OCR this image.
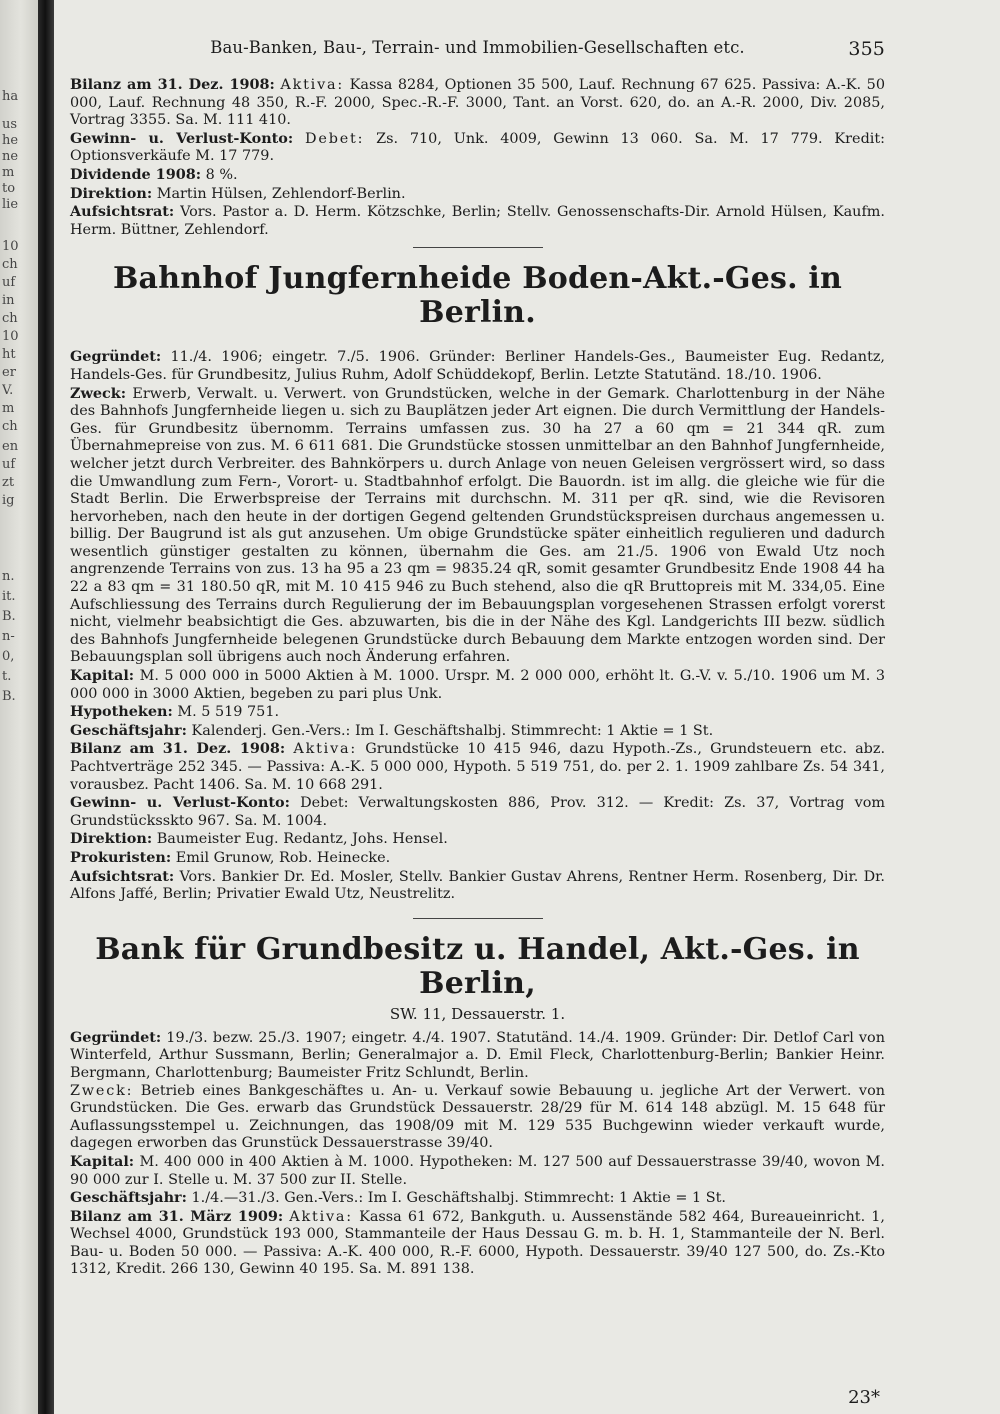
ha
us
he
ne
m
to
lie
10
ch
uf
in
ch
10
ht
er
V.
m
ch
en
uf
zt
ig
n.
it.
B.
n-
0,
t.
B.
Bau-Banken, Bau-, Terrain- und Immobilien-Gesellschaften etc.	355

Bilanz am 31. Dez. 1908: Aktiva: Kassa 8284, Optionen 35 500, Lauf. Rechnung 67 625. Passiva: A.-K. 50 000, Lauf. Rechnung 48 350, R.-F. 2000, Spec.-R.-F. 3000, Tant. an Vorst. 620, do. an A.-R. 2000, Div. 2085, Vortrag 3355. Sa. M. 111 410.

Gewinn- u. Verlust-Konto: Debet: Zs. 710, Unk. 4009, Gewinn 13 060. Sa. M. 17 779. Kredit: Optionsverkäufe M. 17 779.

Dividende 1908: 8 %.

Direktion: Martin Hülsen, Zehlendorf-Berlin.

Aufsichtsrat: Vors. Pastor a. D. Herm. Kötzschke, Berlin; Stellv. Genossenschafts-Dir. Arnold Hülsen, Kaufm. Herm. Büttner, Zehlendorf.

Bahnhof Jungfernheide Boden-Akt.-Ges. in Berlin.

Gegründet: 11./4. 1906; eingetr. 7./5. 1906. Gründer: Berliner Handels-Ges., Baumeister Eug. Redantz, Handels-Ges. für Grundbesitz, Julius Ruhm, Adolf Schüddekopf, Berlin. Letzte Statutänd. 18./10. 1906.

Zweck: Erwerb, Verwalt. u. Verwert. von Grundstücken, welche in der Gemark. Charlottenburg in der Nähe des Bahnhofs Jungfernheide liegen u. sich zu Bauplätzen jeder Art eignen. Die durch Vermittlung der Handels-Ges. für Grundbesitz übernomm. Terrains umfassen zus. 30 ha 27 a 60 qm = 21 344 qR. zum Übernahmepreise von zus. M. 6 611 681. Die Grundstücke stossen unmittelbar an den Bahnhof Jungfernheide, welcher jetzt durch Verbreiter. des Bahnkörpers u. durch Anlage von neuen Geleisen vergrössert wird, so dass die Umwandlung zum Fern-, Vorort- u. Stadtbahnhof erfolgt. Die Bauordn. ist im allg. die gleiche wie für die Stadt Berlin. Die Erwerbspreise der Terrains mit durchschn. M. 311 per qR. sind, wie die Revisoren hervorheben, nach den heute in der dortigen Gegend geltenden Grundstückspreisen durchaus angemessen u. billig. Der Baugrund ist als gut anzusehen. Um obige Grundstücke später einheitlich regulieren und dadurch wesentlich günstiger gestalten zu können, übernahm die Ges. am 21./5. 1906 von Ewald Utz noch angrenzende Terrains von zus. 13 ha 95 a 23 qm = 9835.24 qR, somit gesamter Grundbesitz Ende 1908 44 ha 22 a 83 qm = 31 180.50 qR, mit M. 10 415 946 zu Buch stehend, also die qR Bruttopreis mit M. 334,05. Eine Aufschliessung des Terrains durch Regulierung der im Bebauungsplan vorgesehenen Strassen erfolgt vorerst nicht, vielmehr beabsichtigt die Ges. abzuwarten, bis die in der Nähe des Kgl. Landgerichts III bezw. südlich des Bahnhofs Jungfernheide belegenen Grundstücke durch Bebauung dem Markte entzogen worden sind. Der Bebauungsplan soll übrigens auch noch Änderung erfahren.

Kapital: M. 5 000 000 in 5000 Aktien à M. 1000. Urspr. M. 2 000 000, erhöht lt. G.-V. v. 5./10. 1906 um M. 3 000 000 in 3000 Aktien, begeben zu pari plus Unk.

Hypotheken: M. 5 519 751.

Geschäftsjahr: Kalenderj. Gen.-Vers.: Im I. Geschäftshalbj. Stimmrecht: 1 Aktie = 1 St.

Bilanz am 31. Dez. 1908: Aktiva: Grundstücke 10 415 946, dazu Hypoth.-Zs., Grundsteuern etc. abz. Pachtverträge 252 345. — Passiva: A.-K. 5 000 000, Hypoth. 5 519 751, do. per 2. 1. 1909 zahlbare Zs. 54 341, vorausbez. Pacht 1406. Sa. M. 10 668 291.

Gewinn- u. Verlust-Konto: Debet: Verwaltungskosten 886, Prov. 312. — Kredit: Zs. 37, Vortrag vom Grundstücksskto 967. Sa. M. 1004.

Direktion: Baumeister Eug. Redantz, Johs. Hensel.

Prokuristen: Emil Grunow, Rob. Heinecke.

Aufsichtsrat: Vors. Bankier Dr. Ed. Mosler, Stellv. Bankier Gustav Ahrens, Rentner Herm. Rosenberg, Dir. Dr. Alfons Jaffé, Berlin; Privatier Ewald Utz, Neustrelitz.

Bank für Grundbesitz u. Handel, Akt.-Ges. in Berlin,
SW. 11, Dessauerstr. 1.

Gegründet: 19./3. bezw. 25./3. 1907; eingetr. 4./4. 1907. Statutänd. 14./4. 1909. Gründer: Dir. Detlof Carl von Winterfeld, Arthur Sussmann, Berlin; Generalmajor a. D. Emil Fleck, Charlottenburg-Berlin; Bankier Heinr. Bergmann, Charlottenburg; Baumeister Fritz Schlundt, Berlin.

Zweck: Betrieb eines Bankgeschäftes u. An- u. Verkauf sowie Bebauung u. jegliche Art der Verwert. von Grundstücken. Die Ges. erwarb das Grundstück Dessauerstr. 28/29 für M. 614 148 abzügl. M. 15 648 für Auflassungsstempel u. Zeichnungen, das 1908/09 mit M. 129 535 Buchgewinn wieder verkauft wurde, dagegen erworben das Grunstück Dessauerstrasse 39/40.

Kapital: M. 400 000 in 400 Aktien à M. 1000. Hypotheken: M. 127 500 auf Dessauerstrasse 39/40, wovon M. 90 000 zur I. Stelle u. M. 37 500 zur II. Stelle.

Geschäftsjahr: 1./4.—31./3. Gen.-Vers.: Im I. Geschäftshalbj. Stimmrecht: 1 Aktie = 1 St.

Bilanz am 31. März 1909: Aktiva: Kassa 61 672, Bankguth. u. Aussenstände 582 464, Bureaueinricht. 1, Wechsel 4000, Grundstück 193 000, Stammanteile der Haus Dessau G. m. b. H. 1, Stammanteile der N. Berl. Bau- u. Boden 50 000. — Passiva: A.-K. 400 000, R.-F. 6000, Hypoth. Dessauerstr. 39/40 127 500, do. Zs.-Kto 1312, Kredit. 266 130, Gewinn 40 195. Sa. M. 891 138.

23*
